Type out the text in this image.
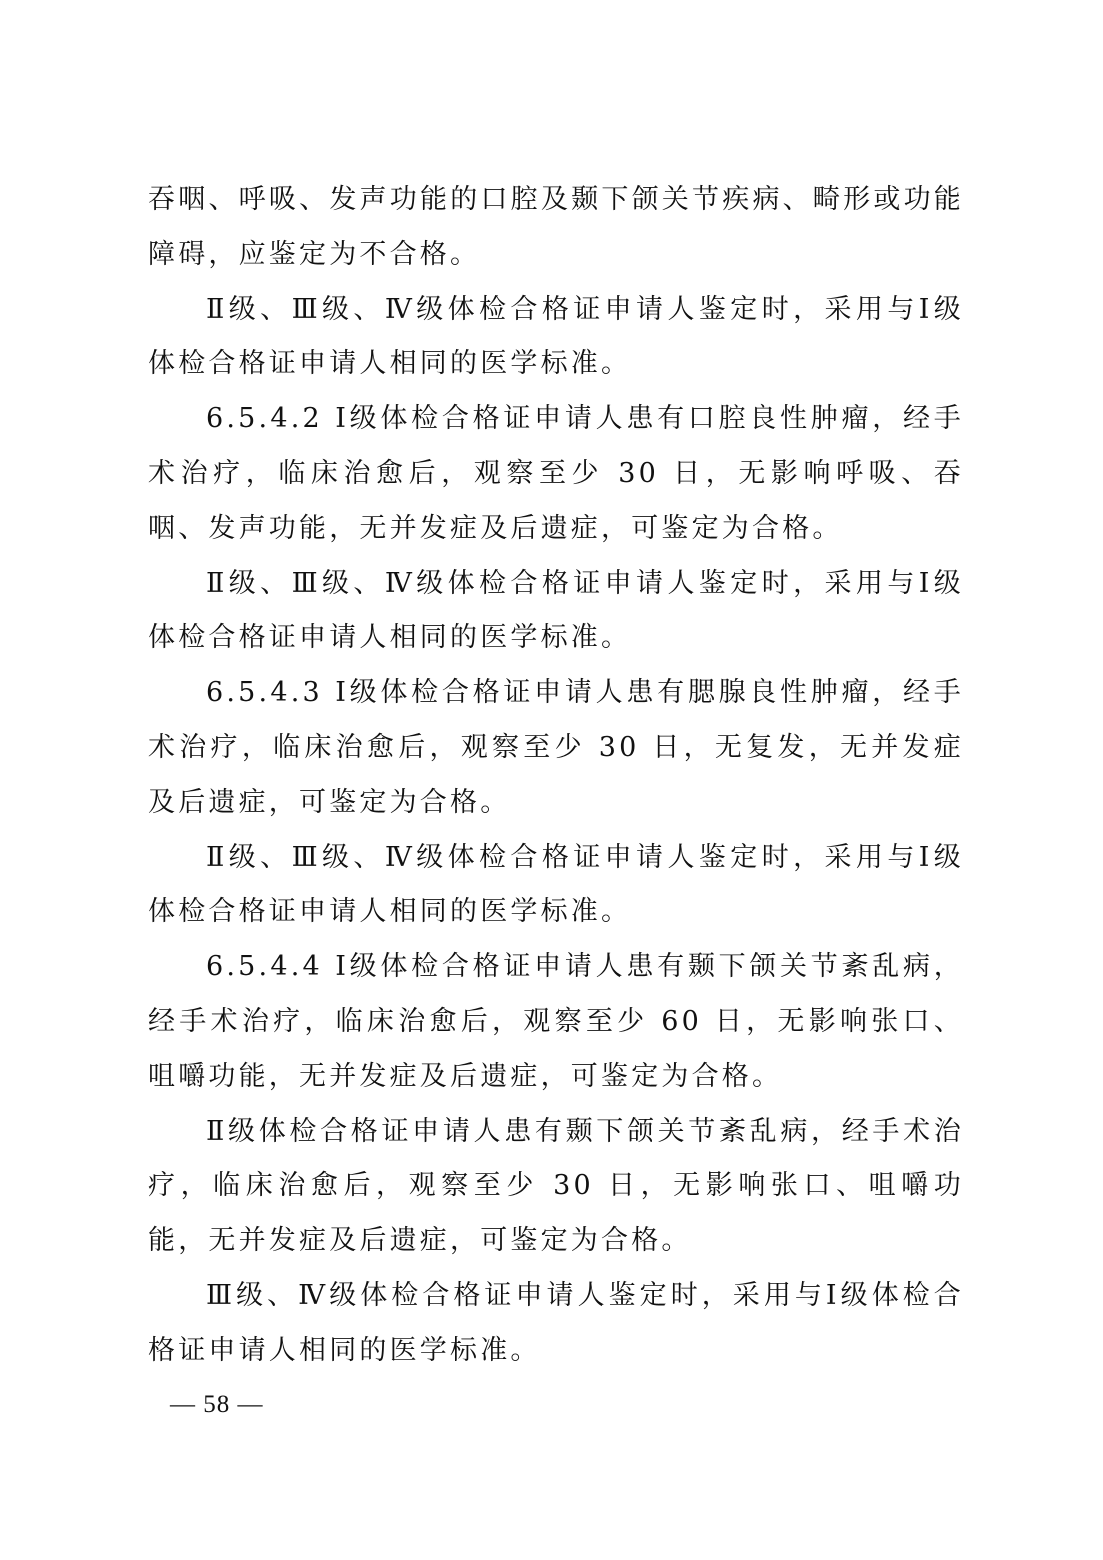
吞咽、呼吸、发声功能的口腔及颞下颌关节疾病、畸形或功能障碍，应鉴定为不合格。

Ⅱ级、Ⅲ级、Ⅳ级体检合格证申请人鉴定时，采用与Ⅰ级体检合格证申请人相同的医学标准。

6.5.4.2 Ⅰ级体检合格证申请人患有口腔良性肿瘤，经手术治疗，临床治愈后，观察至少 30 日，无影响呼吸、吞咽、发声功能，无并发症及后遗症，可鉴定为合格。

Ⅱ级、Ⅲ级、Ⅳ级体检合格证申请人鉴定时，采用与Ⅰ级体检合格证申请人相同的医学标准。

6.5.4.3 Ⅰ级体检合格证申请人患有腮腺良性肿瘤，经手术治疗，临床治愈后，观察至少 30 日，无复发，无并发症及后遗症，可鉴定为合格。

Ⅱ级、Ⅲ级、Ⅳ级体检合格证申请人鉴定时，采用与Ⅰ级体检合格证申请人相同的医学标准。

6.5.4.4 Ⅰ级体检合格证申请人患有颞下颌关节紊乱病，经手术治疗，临床治愈后，观察至少 60 日，无影响张口、咀嚼功能，无并发症及后遗症，可鉴定为合格。

Ⅱ级体检合格证申请人患有颞下颌关节紊乱病，经手术治疗，临床治愈后，观察至少 30 日，无影响张口、咀嚼功能，无并发症及后遗症，可鉴定为合格。

Ⅲ级、Ⅳ级体检合格证申请人鉴定时，采用与Ⅰ级体检合格证申请人相同的医学标准。

— 58 —
